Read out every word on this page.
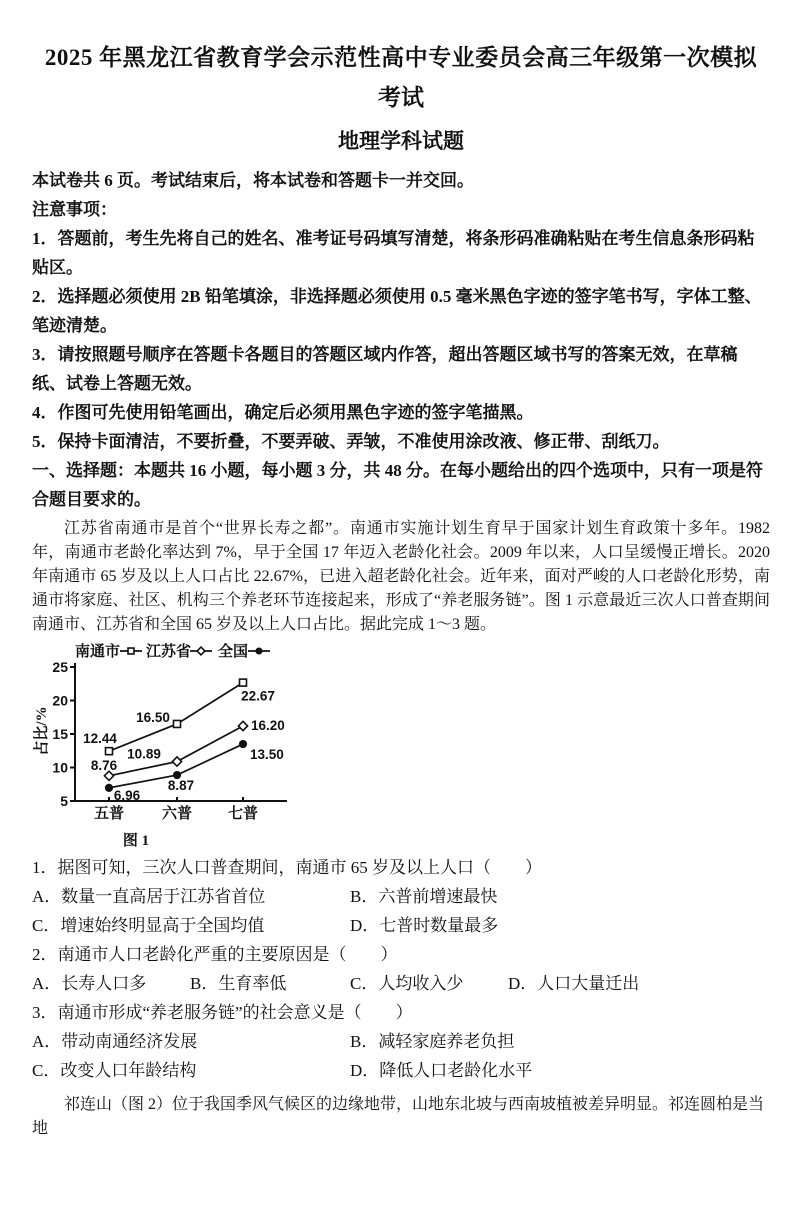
2025 年黑龙江省教育学会示范性高中专业委员会高三年级第一次模拟

考试

地理学科试题

本试卷共 6 页。考试结束后，将本试卷和答题卡一并交回。

注意事项：

1．答题前，考生先将自己的姓名、准考证号码填写清楚，将条形码准确粘贴在考生信息条形码粘贴区。

2．选择题必须使用 2B 铅笔填涂，非选择题必须使用 0.5 毫米黑色字迹的签字笔书写，字体工整、笔迹清楚。

3．请按照题号顺序在答题卡各题目的答题区域内作答，超出答题区域书写的答案无效，在草稿纸、试卷上答题无效。

4．作图可先使用铅笔画出，确定后必须用黑色字迹的签字笔描黑。

5．保持卡面清洁，不要折叠，不要弄破、弄皱，不准使用涂改液、修正带、刮纸刀。

一、选择题：本题共 16 小题，每小题 3 分，共 48 分。在每小题给出的四个选项中，只有一项是符合题目要求的。

江苏省南通市是首个“世界长寿之都”。南通市实施计划生育早于国家计划生育政策十多年。1982 年，南通市老龄化率达到 7%，早于全国 17 年迈入老龄化社会。2009 年以来，人口呈缓慢正增长。2020 年南通市 65 岁及以上人口占比 22.67%，已进入超老龄化社会。近年来，面对严峻的人口老龄化形势，南通市将家庭、社区、机构三个养老环节连接起来，形成了“养老服务链”。图 1 示意最近三次人口普查期间南通市、江苏省和全国 65 岁及以上人口占比。据此完成 1～3 题。

5
10
15
20
25
五普	六普 七普
占比/% 12.44
16.50
22.67
8.76
10.89
16.20
6.96
8.87
13.50
南通市 江苏省 全国
图 1

1．据图可知，三次人口普查期间，南通市 65 岁及以上人口（　　）

A．数量一直高居于江苏省首位	B．六普前增速最快

C．增速始终明显高于全国均值	D．七普时数量最多

2．南通市人口老龄化严重的主要原因是（　　）

A．长寿人口多	B．生育率低	C．人均收入少	D．人口大量迁出

3．南通市形成“养老服务链”的社会意义是（　　）

A．带动南通经济发展	B．减轻家庭养老负担

C．改变人口年龄结构	D．降低人口老龄化水平

祁连山（图 2）位于我国季风气候区的边缘地带，山地东北坡与西南坡植被差异明显。祁连圆柏是当地
